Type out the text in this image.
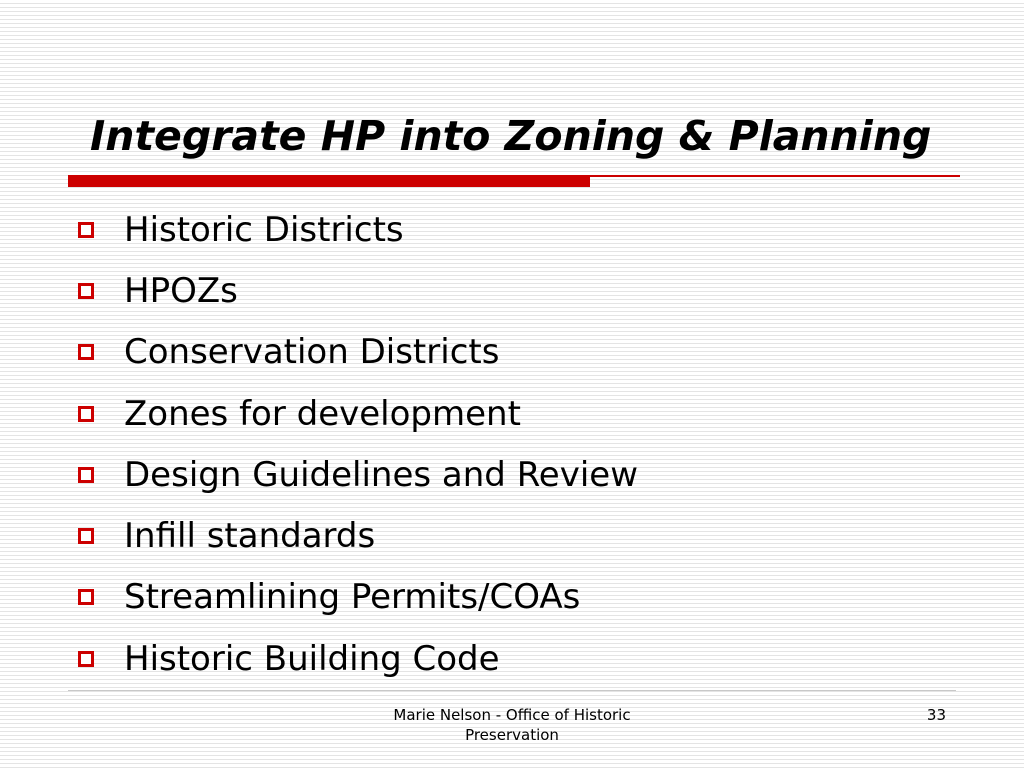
Integrate HP into Zoning & Planning
Historic Districts
HPOZs
Conservation Districts
Zones for development
Design Guidelines and Review
Infill standards
Streamlining Permits/COAs
Historic Building Code
Marie Nelson - Office of Historic Preservation
33
